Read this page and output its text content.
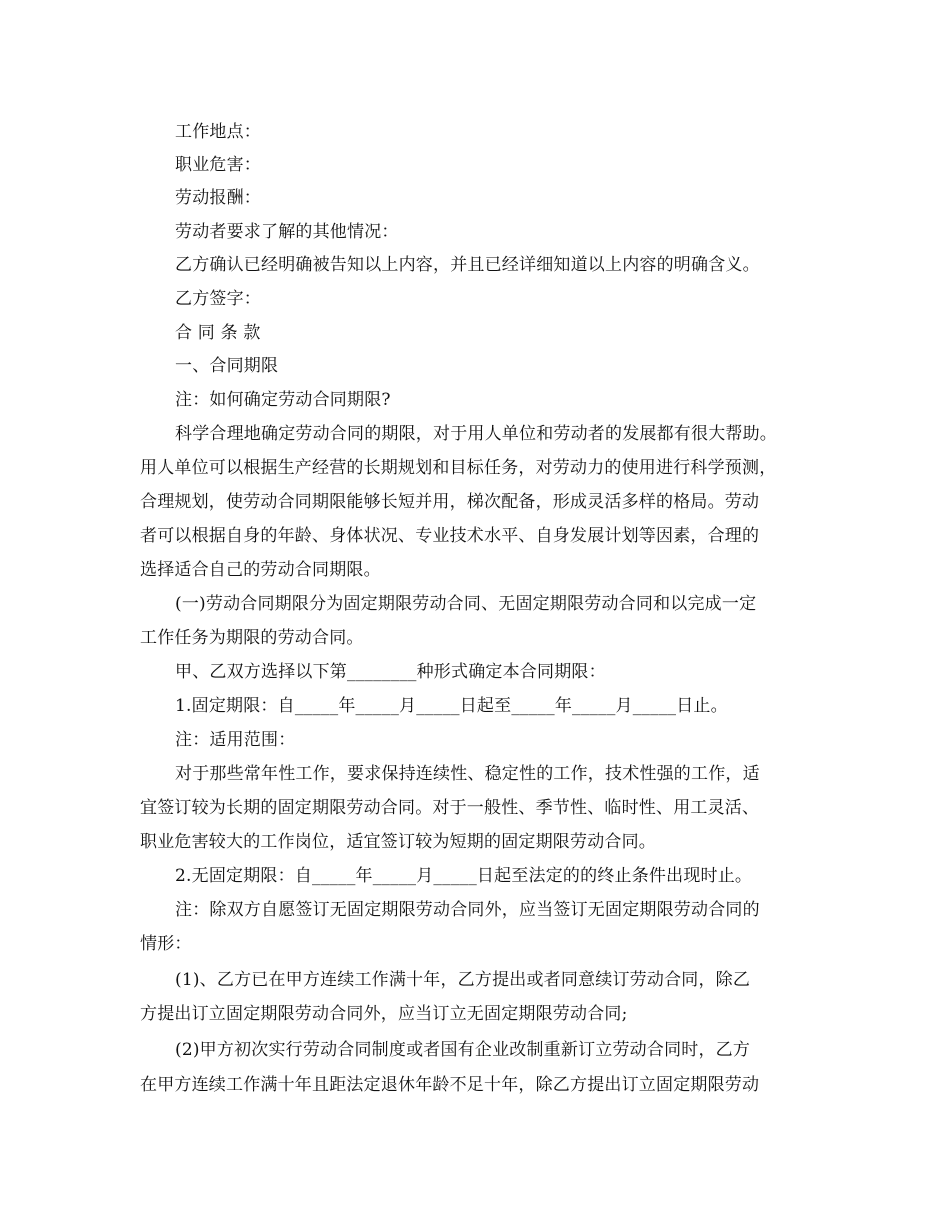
工作地点：
职业危害：
劳动报酬：
劳动者要求了解的其他情况：
乙方确认已经明确被告知以上内容，并且已经详细知道以上内容的明确含义。
乙方签字：
合 同 条 款
一、合同期限
注：如何确定劳动合同期限?
科学合理地确定劳动合同的期限，对于用人单位和劳动者的发展都有很大帮助。
用人单位可以根据生产经营的长期规划和目标任务，对劳动力的使用进行科学预测，
合理规划，使劳动合同期限能够长短并用，梯次配备，形成灵活多样的格局。劳动
者可以根据自身的年龄、身体状况、专业技术水平、自身发展计划等因素，合理的
选择适合自己的劳动合同期限。
(一)劳动合同期限分为固定期限劳动合同、无固定期限劳动合同和以完成一定
工作任务为期限的劳动合同。
甲、乙双方选择以下第________种形式确定本合同期限：
1.固定期限：自_____年_____月_____日起至_____年_____月_____日止。
注：适用范围：
对于那些常年性工作，要求保持连续性、稳定性的工作，技术性强的工作，适
宜签订较为长期的固定期限劳动合同。对于一般性、季节性、临时性、用工灵活、
职业危害较大的工作岗位，适宜签订较为短期的固定期限劳动合同。
2.无固定期限：自_____年_____月_____日起至法定的的终止条件出现时止。
注：除双方自愿签订无固定期限劳动合同外，应当签订无固定期限劳动合同的
情形：
(1)、乙方已在甲方连续工作满十年，乙方提出或者同意续订劳动合同，除乙
方提出订立固定期限劳动合同外，应当订立无固定期限劳动合同;
(2)甲方初次实行劳动合同制度或者国有企业改制重新订立劳动合同时，乙方
在甲方连续工作满十年且距法定退休年龄不足十年，除乙方提出订立固定期限劳动
